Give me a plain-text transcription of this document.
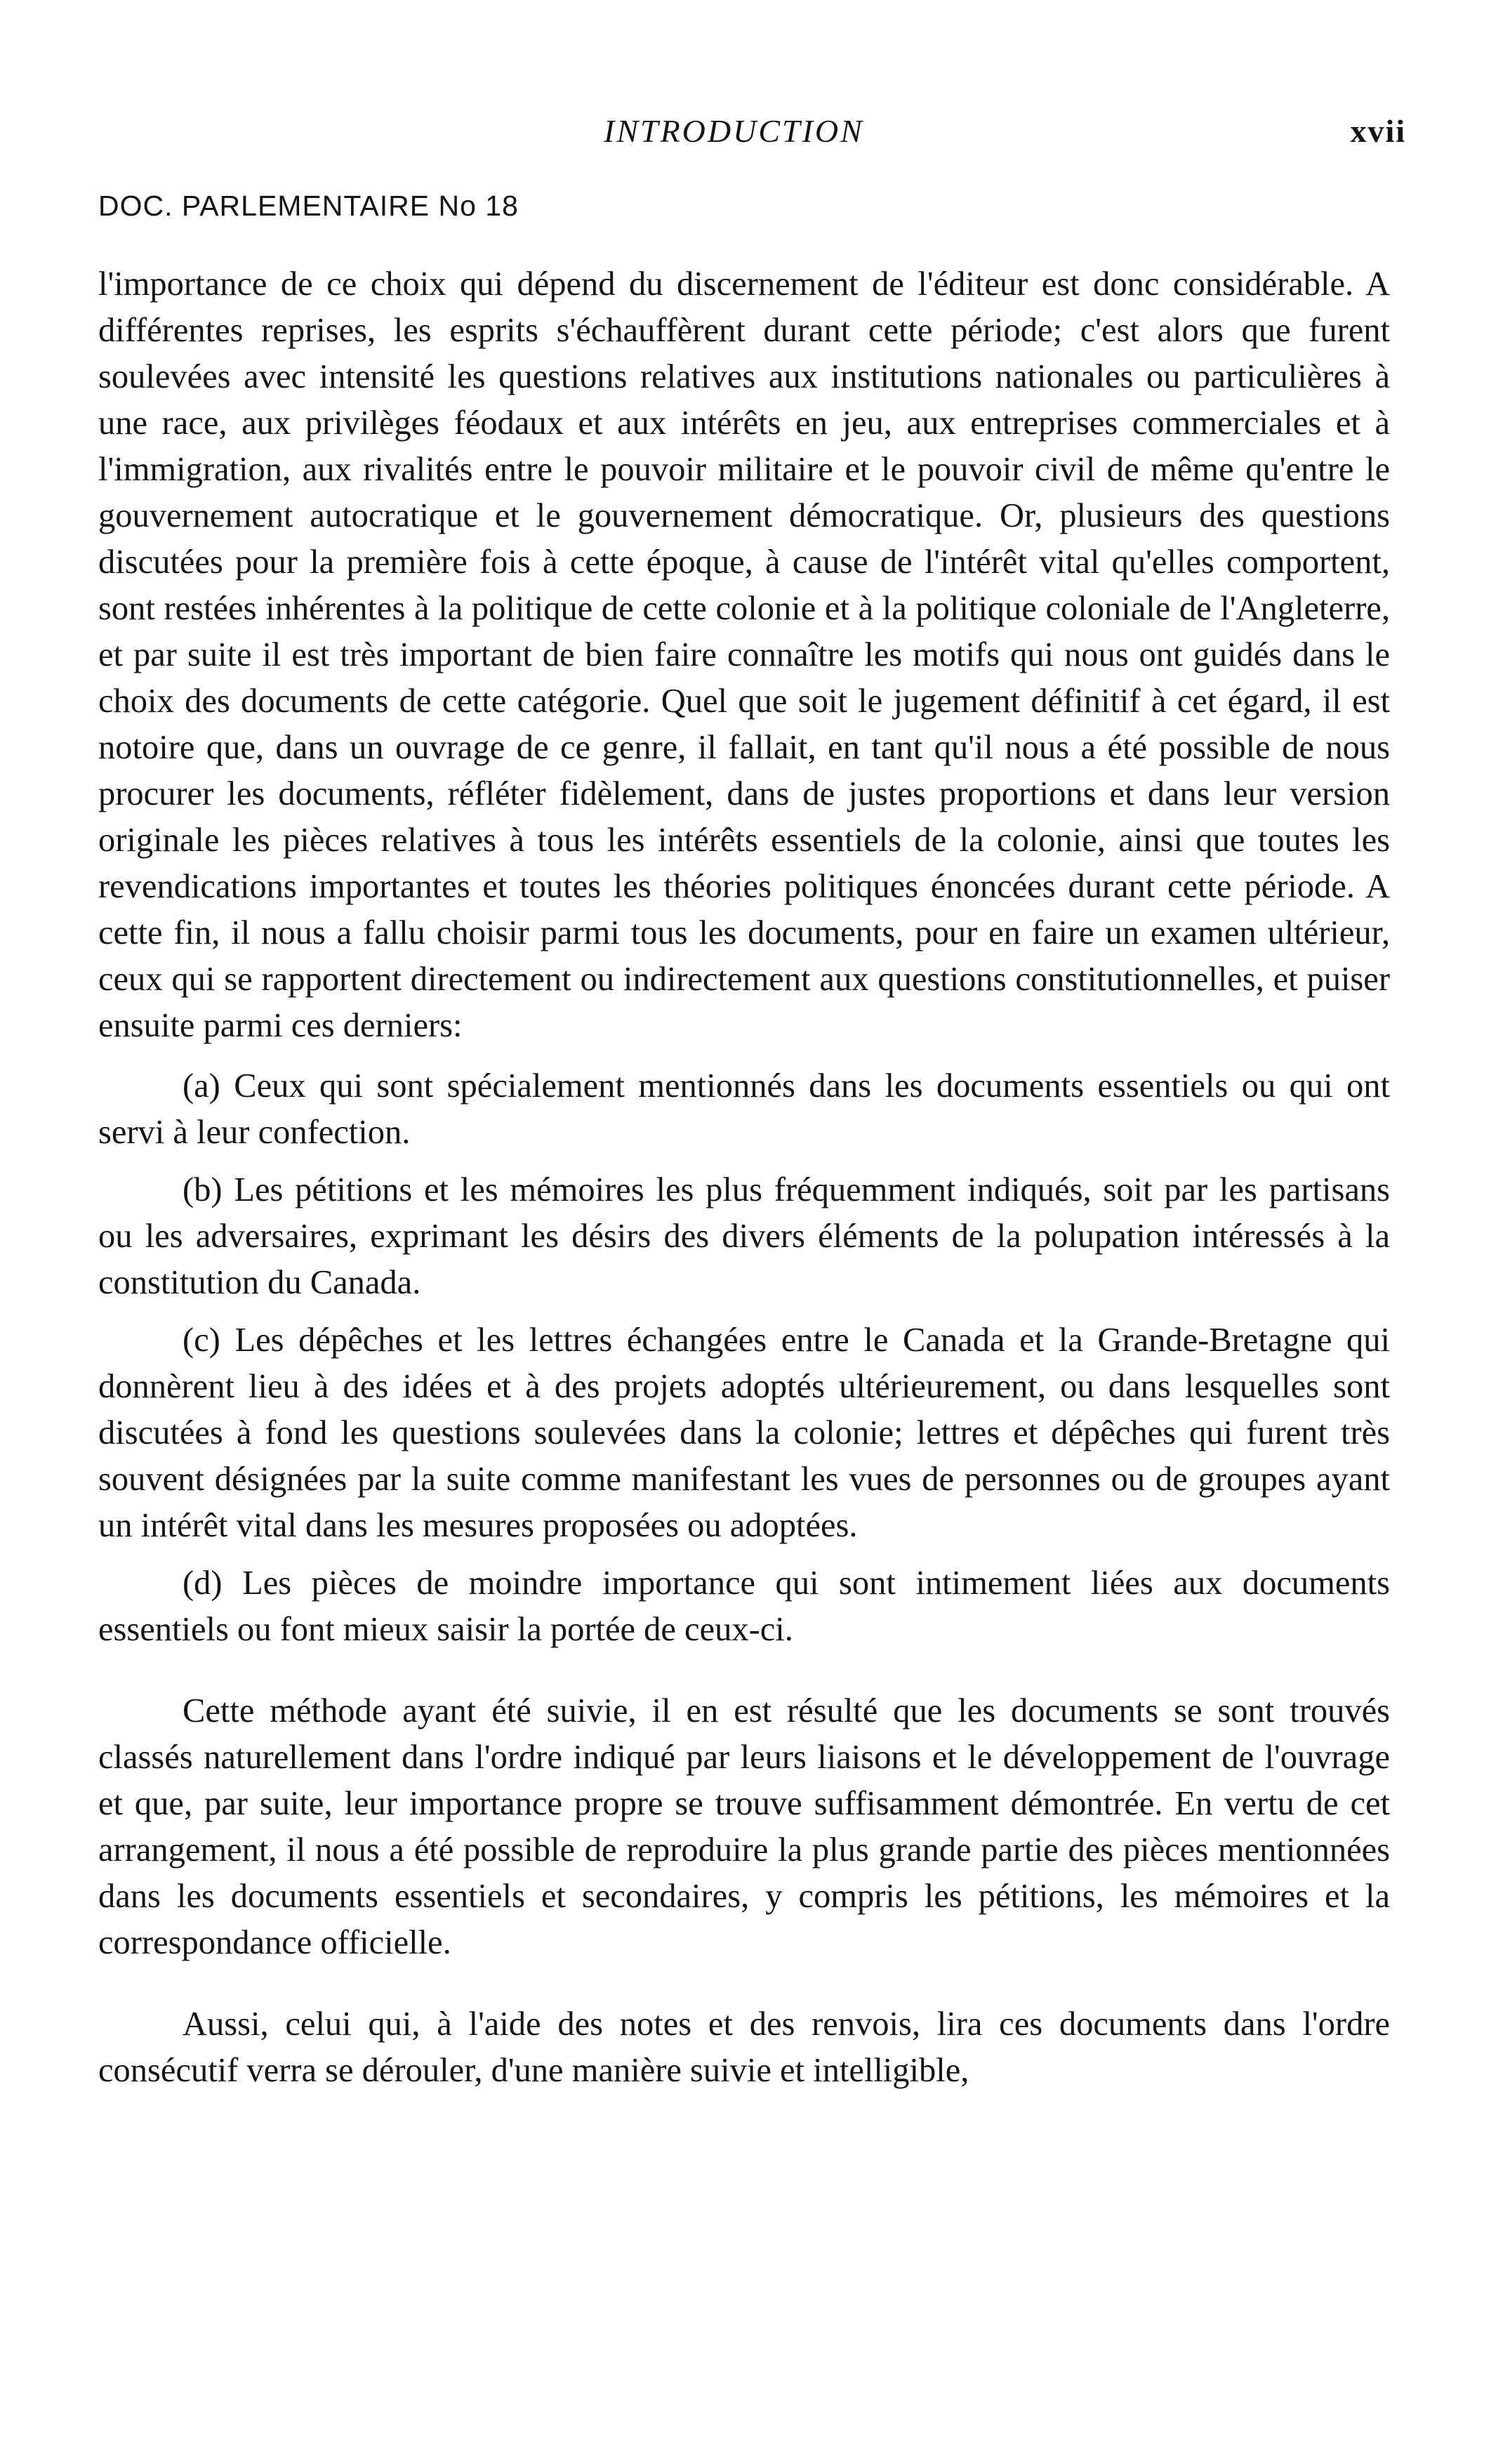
INTRODUCTION	xvii
DOC. PARLEMENTAIRE No 18

l'importance de ce choix qui dépend du discernement de l'éditeur est donc considérable. A différentes reprises, les esprits s'échauffèrent durant cette période; c'est alors que furent soulevées avec intensité les questions relatives aux institutions nationales ou particulières à une race, aux privilèges féodaux et aux intérêts en jeu, aux entreprises commerciales et à l'immigration, aux rivalités entre le pouvoir militaire et le pouvoir civil de même qu'entre le gouvernement autocratique et le gouvernement démocratique. Or, plusieurs des questions discutées pour la première fois à cette époque, à cause de l'intérêt vital qu'elles comportent, sont restées inhérentes à la politique de cette colonie et à la politique coloniale de l'Angleterre, et par suite il est très important de bien faire connaître les motifs qui nous ont guidés dans le choix des documents de cette catégorie. Quel que soit le jugement définitif à cet égard, il est notoire que, dans un ouvrage de ce genre, il fallait, en tant qu'il nous a été possible de nous procurer les documents, réfléter fidèlement, dans de justes proportions et dans leur version originale les pièces relatives à tous les intérêts essentiels de la colonie, ainsi que toutes les revendications importantes et toutes les théories politiques énoncées durant cette période. A cette fin, il nous a fallu choisir parmi tous les documents, pour en faire un examen ultérieur, ceux qui se rapportent directement ou indirectement aux questions constitutionnelles, et puiser ensuite parmi ces derniers:

(a) Ceux qui sont spécialement mentionnés dans les documents essentiels ou qui ont servi à leur confection.

(b) Les pétitions et les mémoires les plus fréquemment indiqués, soit par les partisans ou les adversaires, exprimant les désirs des divers éléments de la polupation intéressés à la constitution du Canada.

(c) Les dépêches et les lettres échangées entre le Canada et la Grande-Bretagne qui donnèrent lieu à des idées et à des projets adoptés ultérieurement, ou dans lesquelles sont discutées à fond les questions soulevées dans la colonie; lettres et dépêches qui furent très souvent désignées par la suite comme manifestant les vues de personnes ou de groupes ayant un intérêt vital dans les mesures proposées ou adoptées.

(d) Les pièces de moindre importance qui sont intimement liées aux documents essentiels ou font mieux saisir la portée de ceux-ci.

Cette méthode ayant été suivie, il en est résulté que les documents se sont trouvés classés naturellement dans l'ordre indiqué par leurs liaisons et le développement de l'ouvrage et que, par suite, leur importance propre se trouve suffisamment démontrée. En vertu de cet arrangement, il nous a été possible de reproduire la plus grande partie des pièces mentionnées dans les documents essentiels et secondaires, y compris les pétitions, les mémoires et la correspondance officielle.

Aussi, celui qui, à l'aide des notes et des renvois, lira ces documents dans l'ordre consécutif verra se dérouler, d'une manière suivie et intelligible,
